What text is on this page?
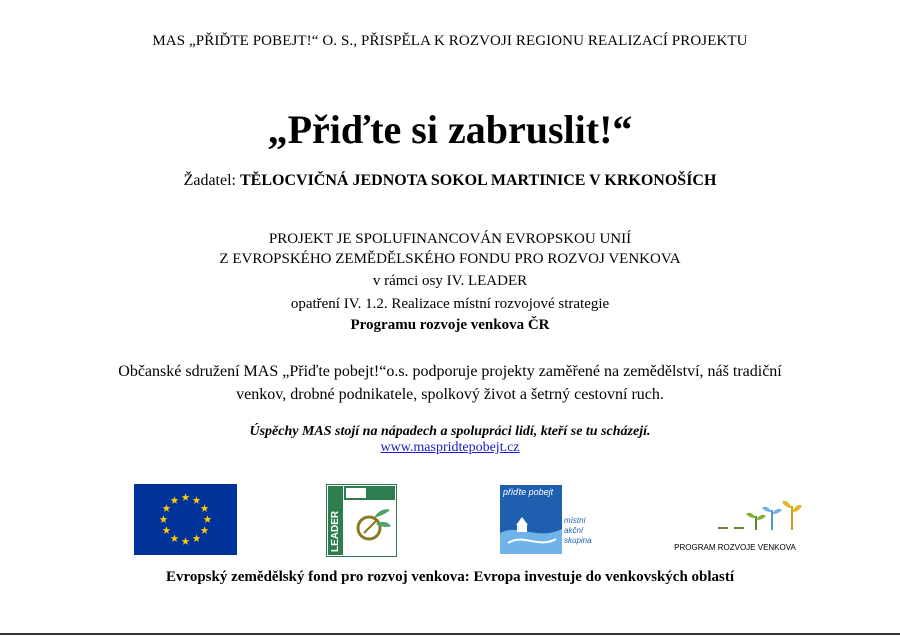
MAS „PŘIĎTE POBEJT!“ O. S., PŘISPĚLA K ROZVOJI REGIONU REALIZACÍ PROJEKTU
„Přiďte si zabruslit!“
Žadatel: TĚLOCVIČNÁ JEDNOTA SOKOL MARTINICE V KRKONOŠÍCH
PROJEKT JE SPOLUFINANCOVÁN EVROPSKOU UNIÍ
Z EVROPSKÉHO ZEMĚDĚLSKÉHO FONDU PRO ROZVOJ VENKOVA
v rámci osy IV. LEADER
opatření IV. 1.2. Realizace místní rozvojové strategie
Programu rozvoje venkova ČR
Občanské sdružení MAS „Přiďte pobejt!“o.s. podporuje projekty zaměřené na zemědělství, náš tradiční
venkov, drobné podnikatele, spolkový život a šetrný cestovní ruch.
Úspěchy MAS stojí na nápadech a spolupráci lidí, kteří se tu scházejí.
www.maspridtepobejt.cz
LEADER
přiďte pobejt
místní
akční
skupina
PROGRAM ROZVOJE VENKOVA
Evropský zemědělský fond pro rozvoj venkova: Evropa investuje do venkovských oblastí
